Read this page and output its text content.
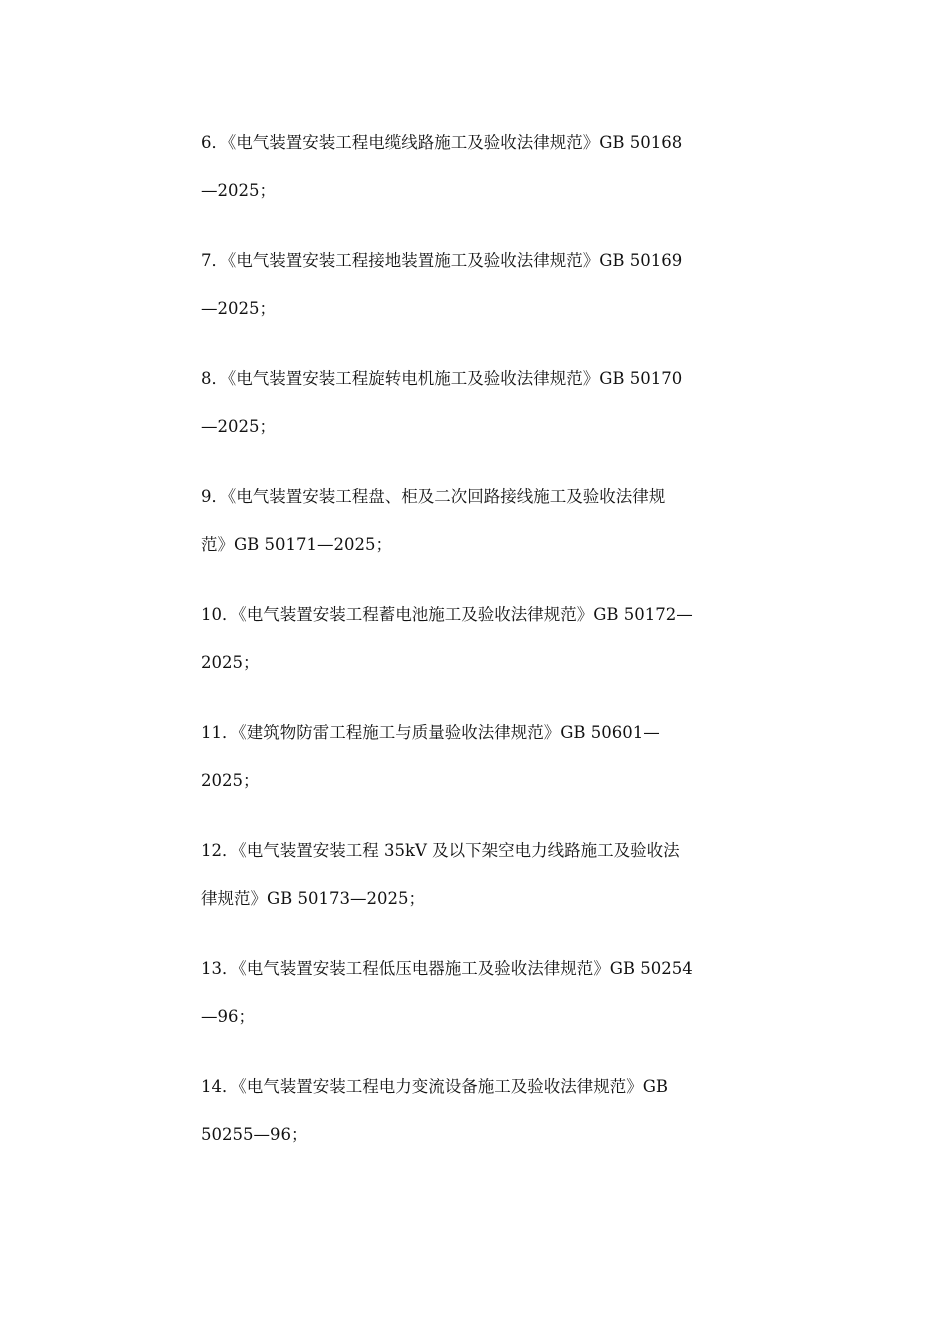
6．《电气装置安装工程电缆线路施工及验收法律规范》GB 50168
—2025；
7．《电气装置安装工程接地装置施工及验收法律规范》GB 50169
—2025；
8．《电气装置安装工程旋转电机施工及验收法律规范》GB 50170
—2025；
9．《电气装置安装工程盘、柜及二次回路接线施工及验收法律规
范》GB 50171—2025；
10．《电气装置安装工程蓄电池施工及验收法律规范》GB 50172—
2025；
11．《建筑物防雷工程施工与质量验收法律规范》GB 50601—
2025；
12．《电气装置安装工程 35kV 及以下架空电力线路施工及验收法
律规范》GB 50173—2025；
13．《电气装置安装工程低压电器施工及验收法律规范》GB 50254
—96；
14．《电气装置安装工程电力变流设备施工及验收法律规范》GB
50255—96；
